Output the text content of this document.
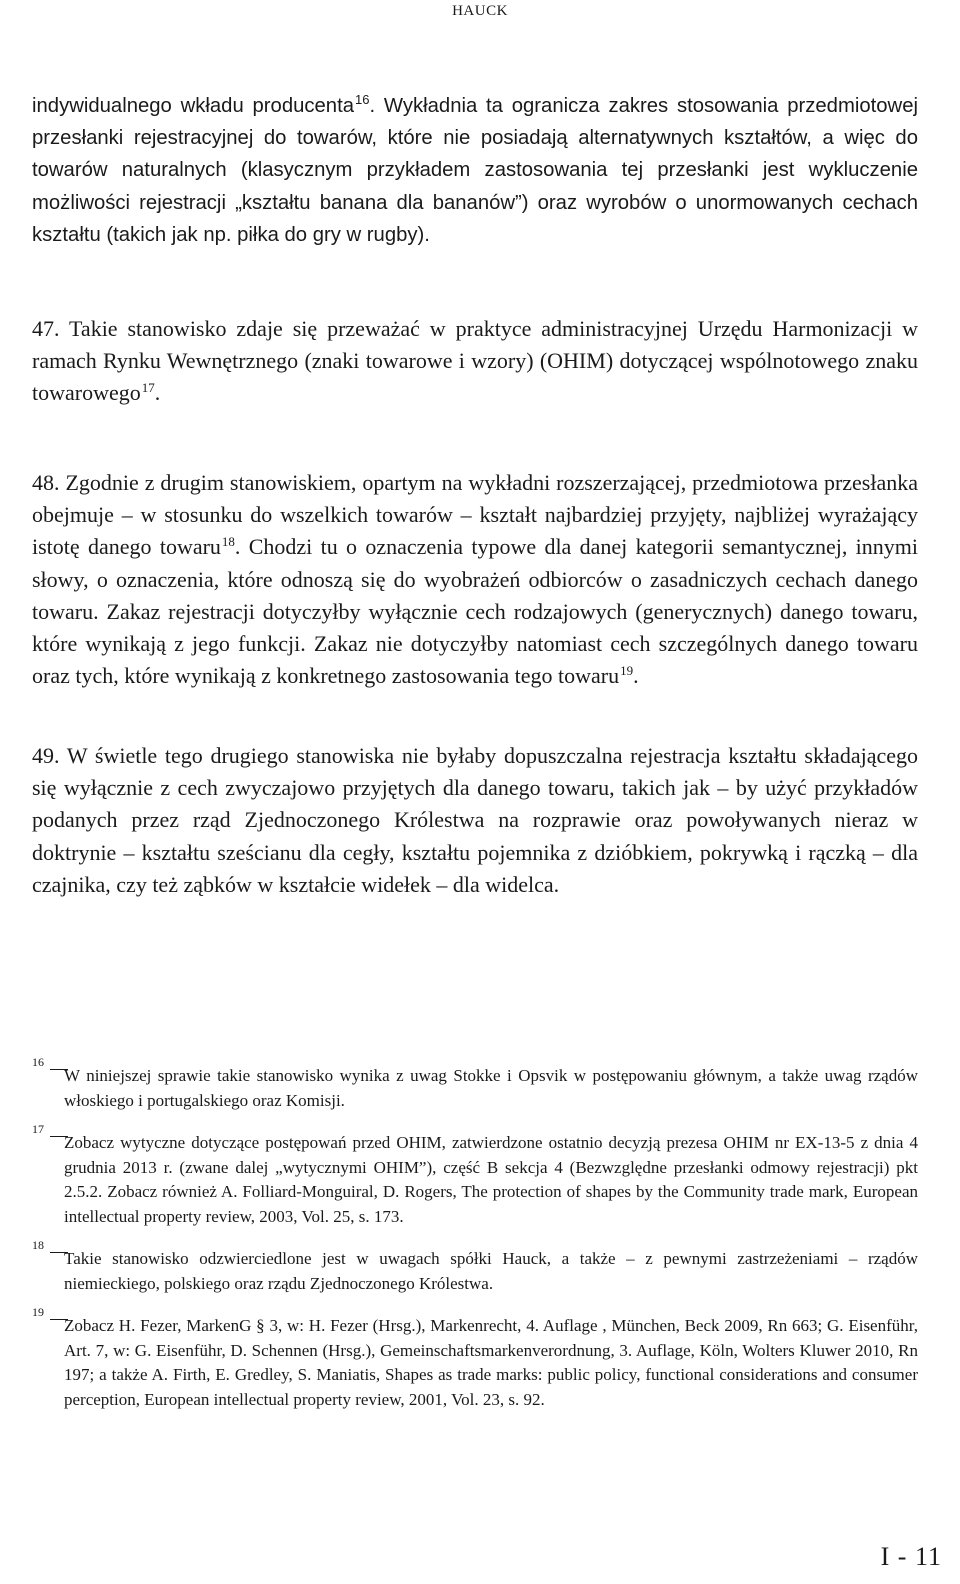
HAUCK
indywidualnego wkładu producenta$^{16}$. Wykładnia ta ogranicza zakres stosowania przedmiotowej przesłanki rejestracyjnej do towarów, które nie posiadają alternatywnych kształtów, a więc do towarów naturalnych (klasycznym przykładem zastosowania tej przesłanki jest wykluczenie możliwości rejestracji „kształtu banana dla bananów”) oraz wyrobów o unormowanych cechach kształtu (takich jak np. piłka do gry w rugby).
47. Takie stanowisko zdaje się przeważać w praktyce administracyjnej Urzędu Harmonizacji w ramach Rynku Wewnętrznego (znaki towarowe i wzory) (OHIM) dotyczącej wspólnotowego znaku towarowego$^{17}$.
48. Zgodnie z drugim stanowiskiem, opartym na wykładni rozszerzającej, przedmiotowa przesłanka obejmuje – w stosunku do wszelkich towarów – kształt najbardziej przyjęty, najbliżej wyrażający istotę danego towaru$^{18}$. Chodzi tu o oznaczenia typowe dla danej kategorii semantycznej, innymi słowy, o oznaczenia, które odnoszą się do wyobrażeń odbiorców o zasadniczych cechach danego towaru. Zakaz rejestracji dotyczyłby wyłącznie cech rodzajowych (generycznych) danego towaru, które wynikają z jego funkcji. Zakaz nie dotyczyłby natomiast cech szczególnych danego towaru oraz tych, które wynikają z konkretnego zastosowania tego towaru$^{19}$.
49. W świetle tego drugiego stanowiska nie byłaby dopuszczalna rejestracja kształtu składającego się wyłącznie z cech zwyczajowo przyjętych dla danego towaru, takich jak – by użyć przykładów podanych przez rząd Zjednoczonego Królestwa na rozprawie oraz powoływanych nieraz w doktrynie – kształtu sześcianu dla cegły, kształtu pojemnika z dzióbkiem, pokrywką i rączką – dla czajnika, czy też ząbków w kształcie widełek – dla widelca.
16
W niniejszej sprawie takie stanowisko wynika z uwag Stokke i Opsvik w postępowaniu głównym, a także uwag rządów włoskiego i portugalskiego oraz Komisji.
17
Zobacz wytyczne dotyczące postępowań przed OHIM, zatwierdzone ostatnio decyzją prezesa OHIM nr EX-13-5 z dnia 4 grudnia 2013 r. (zwane dalej „wytycznymi OHIM”), część B sekcja 4 (Bezwzględne przesłanki odmowy rejestracji) pkt 2.5.2. Zobacz również A. Folliard-Monguiral, D. Rogers, The protection of shapes by the Community trade mark, European intellectual property review, 2003, Vol. 25, s. 173.
18
Takie stanowisko odzwierciedlone jest w uwagach spółki Hauck, a także – z pewnymi zastrzeżeniami – rządów niemieckiego, polskiego oraz rządu Zjednoczonego Królestwa.
19
Zobacz H. Fezer, MarkenG § 3, w: H. Fezer (Hrsg.), Markenrecht, 4. Auflage , München, Beck 2009, Rn 663; G. Eisenführ, Art. 7, w: G. Eisenführ, D. Schennen (Hrsg.), Gemeinschaftsmarkenverordnung, 3. Auflage, Köln, Wolters Kluwer 2010, Rn 197; a także A. Firth, E. Gredley, S. Maniatis, Shapes as trade marks: public policy, functional considerations and consumer perception, European intellectual property review, 2001, Vol. 23, s. 92.
I - 11
